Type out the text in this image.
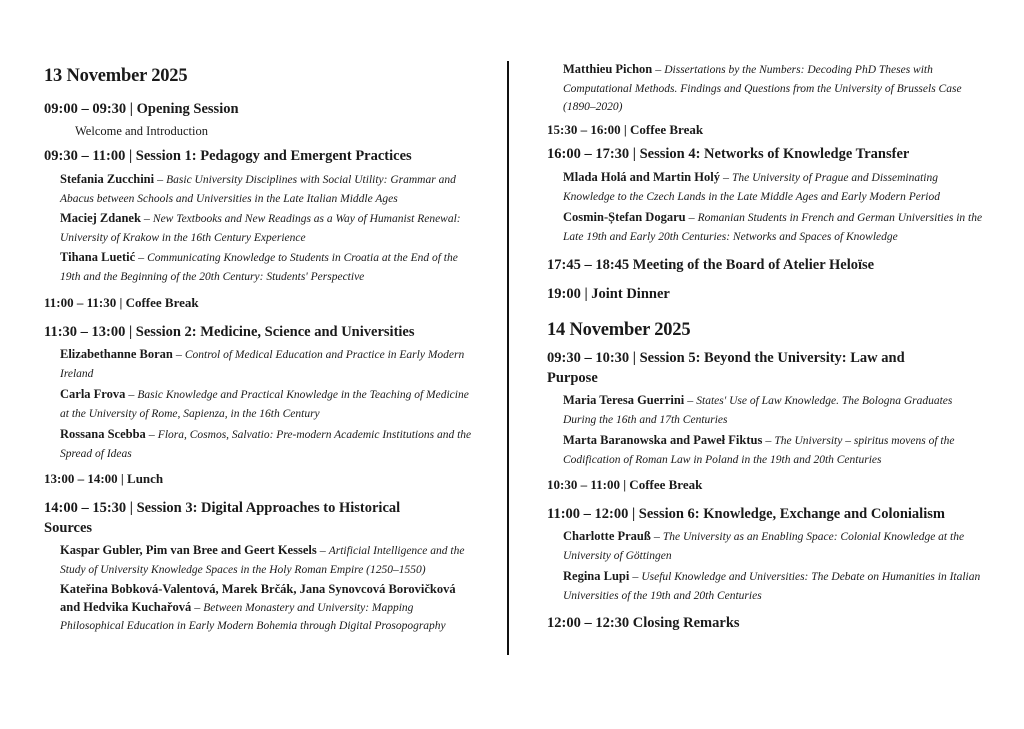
13 November 2025
09:00 – 09:30 | Opening Session
Welcome and Introduction
09:30 – 11:00 | Session 1: Pedagogy and Emergent Practices
Stefania Zucchini – Basic University Disciplines with Social Utility: Grammar and Abacus between Schools and Universities in the Late Italian Middle Ages
Maciej Zdanek – New Textbooks and New Readings as a Way of Humanist Renewal: University of Krakow in the 16th Century Experience
Tihana Luetić – Communicating Knowledge to Students in Croatia at the End of the 19th and the Beginning of the 20th Century: Students' Perspective
11:00 – 11:30 | Coffee Break
11:30 – 13:00 | Session 2: Medicine, Science and Universities
Elizabethanne Boran – Control of Medical Education and Practice in Early Modern Ireland
Carla Frova – Basic Knowledge and Practical Knowledge in the Teaching of Medicine at the University of Rome, Sapienza, in the 16th Century
Rossana Scebba – Flora, Cosmos, Salvatio: Pre-modern Academic Institutions and the Spread of Ideas
13:00 – 14:00 | Lunch
14:00 – 15:30 | Session 3: Digital Approaches to Historical Sources
Kaspar Gubler, Pim van Bree and Geert Kessels – Artificial Intelligence and the Study of University Knowledge Spaces in the Holy Roman Empire (1250–1550)
Kateřina Bobková-Valentová, Marek Brčák, Jana Synovcová Borovičková and Hedvika Kuchařová – Between Monastery and University: Mapping Philosophical Education in Early Modern Bohemia through Digital Prosopography
Matthieu Pichon – Dissertations by the Numbers: Decoding PhD Theses with Computational Methods. Findings and Questions from the University of Brussels Case (1890–2020)
15:30 – 16:00 | Coffee Break
16:00 – 17:30 | Session 4: Networks of Knowledge Transfer
Mlada Holá and Martin Holý – The University of Prague and Disseminating Knowledge to the Czech Lands in the Late Middle Ages and Early Modern Period
Cosmin-Ștefan Dogaru – Romanian Students in French and German Universities in the Late 19th and Early 20th Centuries: Networks and Spaces of Knowledge
17:45 – 18:45 Meeting of the Board of Atelier Heloïse
19:00 | Joint Dinner
14 November 2025
09:30 – 10:30 | Session 5: Beyond the University: Law and Purpose
Maria Teresa Guerrini – States' Use of Law Knowledge. The Bologna Graduates During the 16th and 17th Centuries
Marta Baranowska and Paweł Fiktus – The University – spiritus movens of the Codification of Roman Law in Poland in the 19th and 20th Centuries
10:30 – 11:00 | Coffee Break
11:00 – 12:00 | Session 6: Knowledge, Exchange and Colonialism
Charlotte Prauß – The University as an Enabling Space: Colonial Knowledge at the University of Göttingen
Regina Lupi – Useful Knowledge and Universities: The Debate on Humanities in Italian Universities of the 19th and 20th Centuries
12:00 – 12:30 Closing Remarks
